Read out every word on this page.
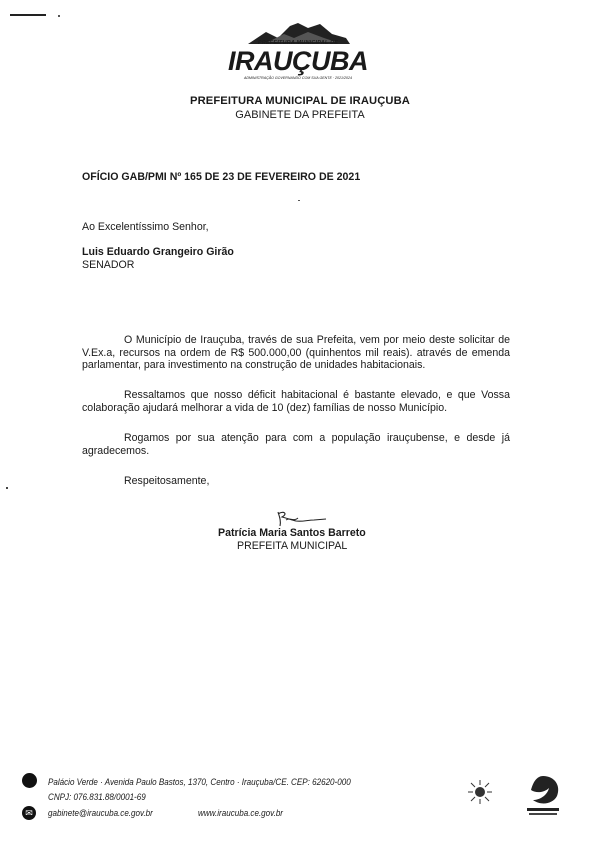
PREFEITURA MUNICIPAL DE
IRAUÇUBA
ADMINISTRAÇÃO GOVERNANDO COM SUA GENTE · 2021/2024
PREFEITURA MUNICIPAL DE IRAUÇUBA
GABINETE DA PREFEITA
OFÍCIO GAB/PMI Nº 165 DE 23 DE FEVEREIRO DE 2021
Ao Excelentíssimo Senhor,
Luis Eduardo Grangeiro Girão
SENADOR
O Município de Irauçuba, través de sua Prefeita, vem por meio deste solicitar de V.Ex.a, recursos na ordem de R$ 500.000,00 (quinhentos mil reais). através de emenda parlamentar, para investimento na construção de unidades habitacionais.
Ressaltamos que nosso déficit habitacional é bastante elevado, e que Vossa colaboração ajudará melhorar a vida de 10 (dez) famílias de nosso Município.
Rogamos por sua atenção para com a população irauçubense, e desde já agradecemos.
Respeitosamente,
Patrícia Maria Santos Barreto
PREFEITA MUNICIPAL
Palácio Verde · Avenida Paulo Bastos, 1370, Centro · Irauçuba/CE. CEP: 62620-000
CNPJ: 076.831.88/0001-69
✉	gabinete@iraucuba.ce.gov.br	www.iraucuba.ce.gov.br
